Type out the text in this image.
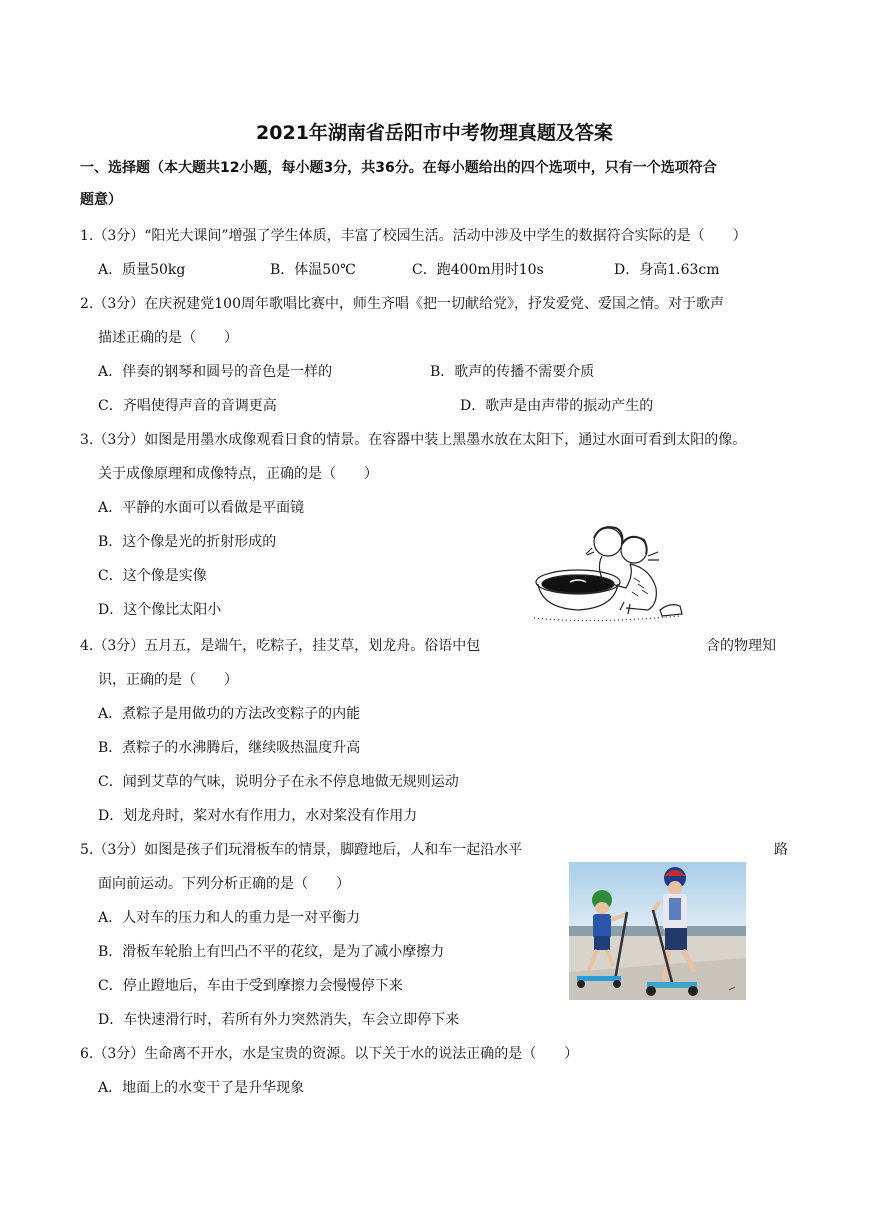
2021年湖南省岳阳市中考物理真题及答案
一、选择题（本大题共12小题，每小题3分，共36分。在每小题给出的四个选项中，只有一个选项符合
题意）
1.（3分）“阳光大课间”增强了学生体质，丰富了校园生活。活动中涉及中学生的数据符合实际的是（　　）
A．质量50kg	B．体温50℃	C．跑400m用时10s	D．身高1.63cm
2.（3分）在庆祝建党100周年歌唱比赛中，师生齐唱《把一切献给党》，抒发爱党、爱国之情。对于歌声
描述正确的是（　　）
A．伴奏的钢琴和圆号的音色是一样的	B．歌声的传播不需要介质
C．齐唱使得声音的音调更高	D．歌声是由声带的振动产生的
3.（3分）如图是用墨水成像观看日食的情景。在容器中装上黑墨水放在太阳下，通过水面可看到太阳的像。
关于成像原理和成像特点，正确的是（　　）
A．平静的水面可以看做是平面镜
B．这个像是光的折射形成的
C．这个像是实像
D．这个像比太阳小
4.（3分）五月五，是端午，吃粽子，挂艾草，划龙舟。俗语中包	含的物理知
识，正确的是（　　）
A．煮粽子是用做功的方法改变粽子的内能
B．煮粽子的水沸腾后，继续吸热温度升高
C．闻到艾草的气味，说明分子在永不停息地做无规则运动
D．划龙舟时，桨对水有作用力，水对桨没有作用力
5.（3分）如图是孩子们玩滑板车的情景，脚蹬地后，人和车一起沿水平	路
面向前运动。下列分析正确的是（　　）
A．人对车的压力和人的重力是一对平衡力
B．滑板车轮胎上有凹凸不平的花纹，是为了减小摩擦力
C．停止蹬地后，车由于受到摩擦力会慢慢停下来
D．车快速滑行时，若所有外力突然消失，车会立即停下来
6.（3分）生命离不开水，水是宝贵的资源。以下关于水的说法正确的是（　　）
A．地面上的水变干了是升华现象
